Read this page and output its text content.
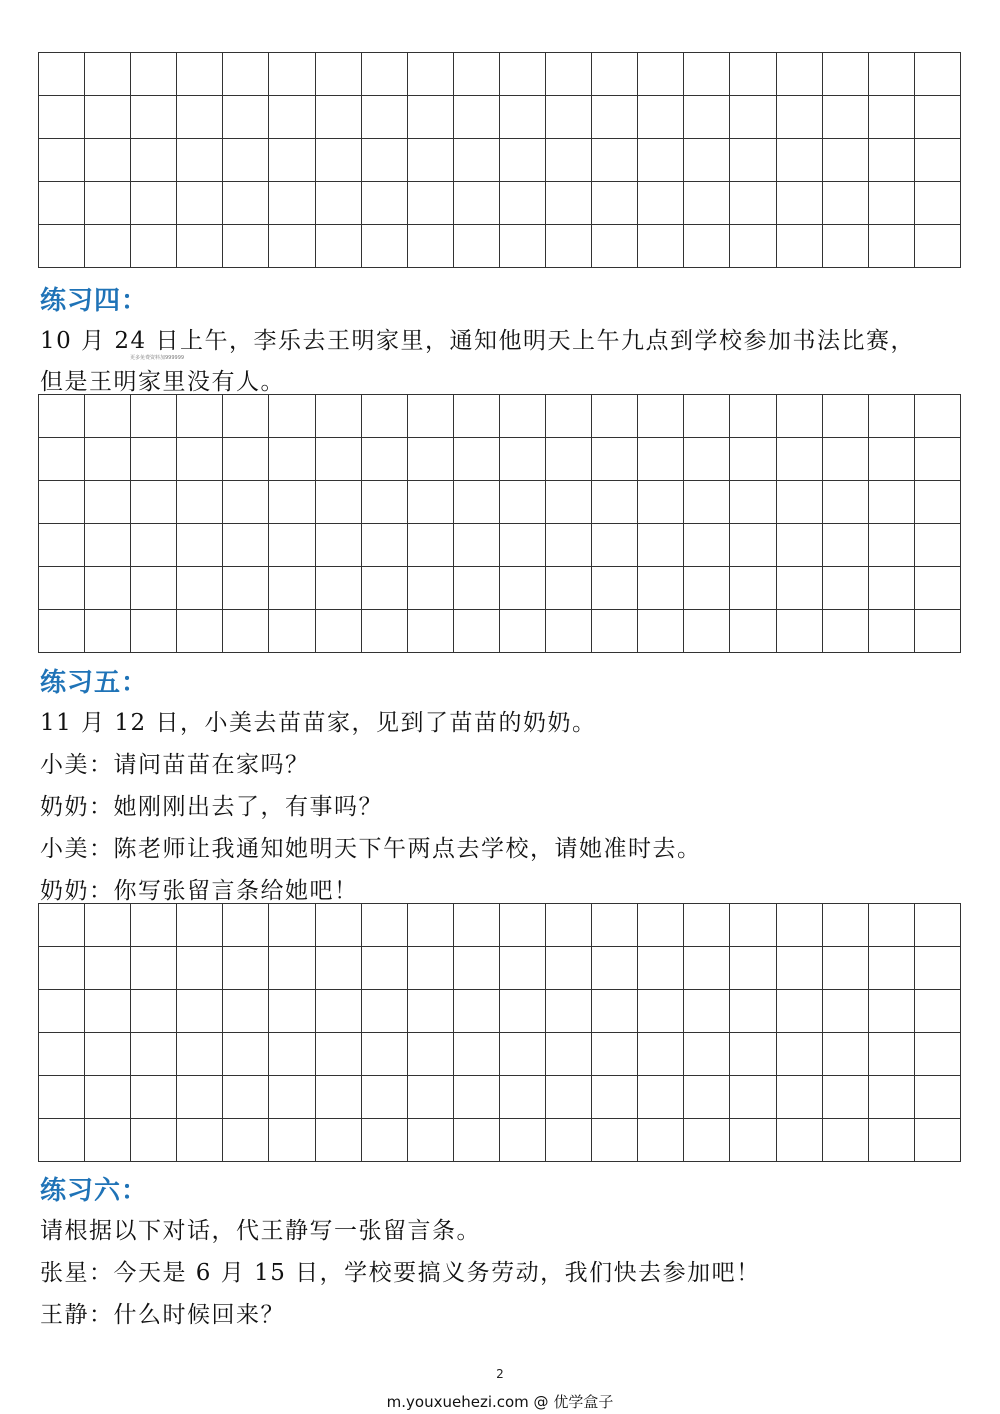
练习四：

10 月 24 日上午，李乐去王明家里，通知他明天上午九点到学校参加书法比赛，

更多免费资料加999999

但是王明家里没有人。

练习五：

11 月 12 日，小美去苗苗家，见到了苗苗的奶奶。

小美：请问苗苗在家吗？

奶奶：她刚刚出去了，有事吗？

小美：陈老师让我通知她明天下午两点去学校，请她准时去。

奶奶：你写张留言条给她吧！

练习六：

请根据以下对话，代王静写一张留言条。

张星：今天是 6 月 15 日，学校要搞义务劳动，我们快去参加吧！

王静：什么时候回来？

2
m.youxuehezi.com @ 优学盒子
